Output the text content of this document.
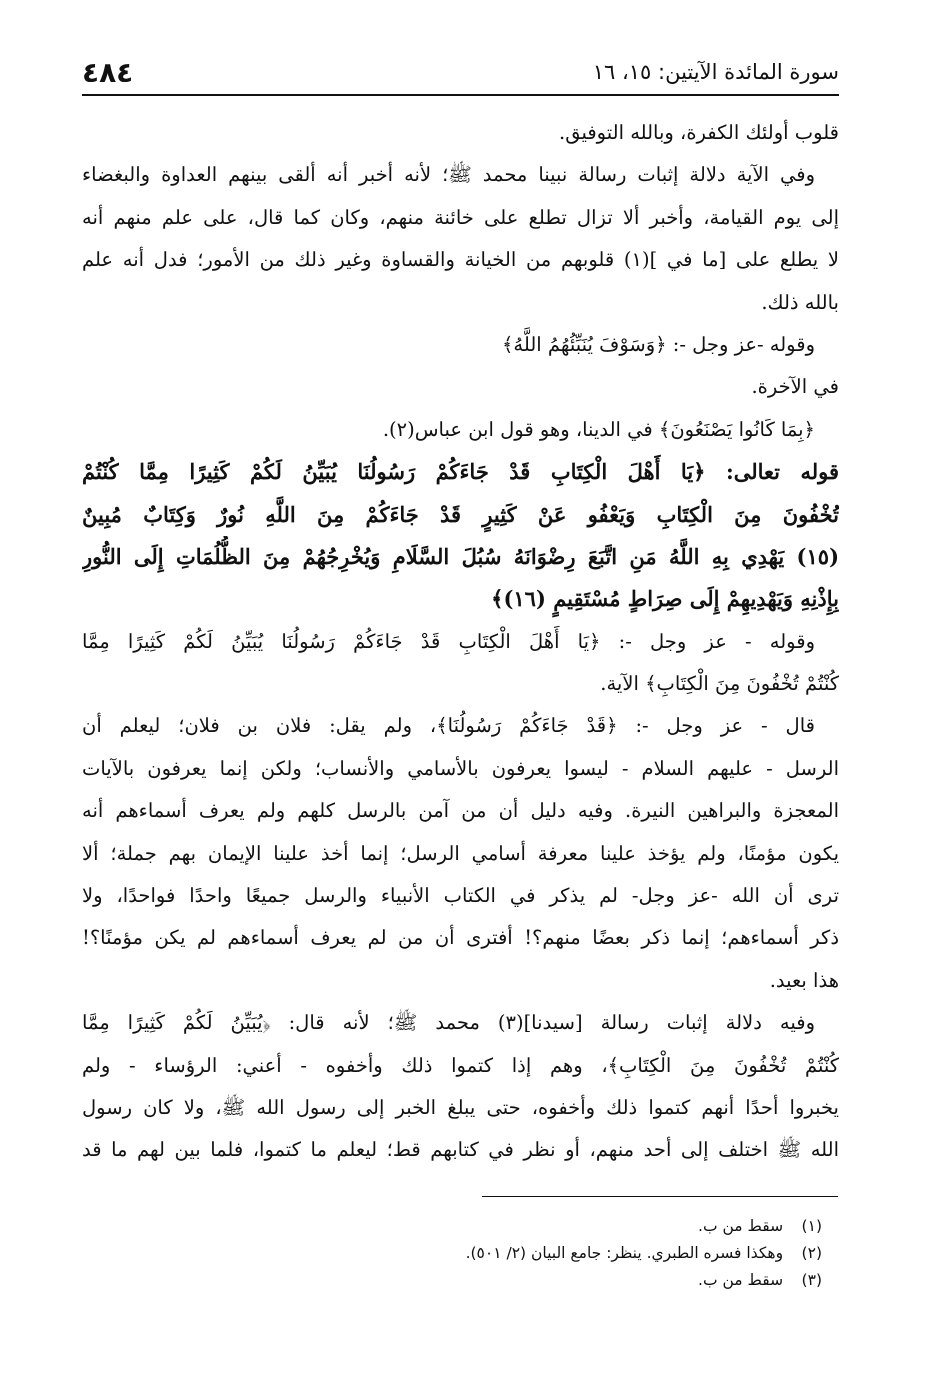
سورة المائدة الآيتين: ١٥، ١٦
٤٨٤
قلوب أولئك الكفرة، وبالله التوفيق.
وفي الآية دلالة إثبات رسالة نبينا محمد ﷺ؛ لأنه أخبر أنه ألقى بينهم العداوة والبغضاء
إلى يوم القيامة، وأخبر ألا تزال تطلع على خائنة منهم، وكان كما قال، على علم منهم أنه
لا يطلع على [ما في ](١) قلوبهم من الخيانة والقساوة وغير ذلك من الأمور؛ فدل أنه علم
بالله ذلك.
وقوله -عز وجل -: ﴿وَسَوْفَ يُنَبِّئُهُمُ اللَّهُ﴾
في الآخرة.
﴿بِمَا كَانُوا يَصْنَعُونَ﴾ في الدينا، وهو قول ابن عباس(٢).
قوله تعالى: ﴿يَا أَهْلَ الْكِتَابِ قَدْ جَاءَكُمْ رَسُولُنَا يُبَيِّنُ لَكُمْ كَثِيرًا مِمَّا كُنْتُمْ
تُخْفُونَ مِنَ الْكِتَابِ وَيَعْفُو عَنْ كَثِيرٍ قَدْ جَاءَكُمْ مِنَ اللَّهِ نُورٌ وَكِتَابٌ مُبِينٌ
(١٥) يَهْدِي بِهِ اللَّهُ مَنِ اتَّبَعَ رِضْوَانَهُ سُبُلَ السَّلَامِ وَيُخْرِجُهُمْ مِنَ الظُّلُمَاتِ إِلَى النُّورِ
بِإِذْنِهِ وَيَهْدِيهِمْ إِلَى صِرَاطٍ مُسْتَقِيمٍ (١٦)﴾
وقوله - عز وجل -: ﴿يَا أَهْلَ الْكِتَابِ قَدْ جَاءَكُمْ رَسُولُنَا يُبَيِّنُ لَكُمْ كَثِيرًا مِمَّا
كُنْتُمْ تُخْفُونَ مِنَ الْكِتَابِ﴾ الآية.
قال - عز وجل -: ﴿قَدْ جَاءَكُمْ رَسُولُنَا﴾، ولم يقل: فلان بن فلان؛ ليعلم أن
الرسل - عليهم السلام - ليسوا يعرفون بالأسامي والأنساب؛ ولكن إنما يعرفون بالآيات
المعجزة والبراهين النيرة. وفيه دليل أن من آمن بالرسل كلهم ولم يعرف أسماءهم أنه
يكون مؤمنًا، ولم يؤخذ علينا معرفة أسامي الرسل؛ إنما أخذ علينا الإيمان بهم جملة؛ ألا
ترى أن الله -عز وجل- لم يذكر في الكتاب الأنبياء والرسل جميعًا واحدًا فواحدًا، ولا
ذكر أسماءهم؛ إنما ذكر بعضًا منهم؟! أفترى أن من لم يعرف أسماءهم لم يكن مؤمنًا؟!
هذا بعيد.
وفيه دلالة إثبات رسالة [سيدنا](٣) محمد ﷺ؛ لأنه قال: ﴿يُبَيِّنُ لَكُمْ كَثِيرًا مِمَّا
كُنْتُمْ تُخْفُونَ مِنَ الْكِتَابِ﴾، وهم إذا كتموا ذلك وأخفوه - أعني: الرؤساء - ولم
يخبروا أحدًا أنهم كتموا ذلك وأخفوه، حتى يبلغ الخبر إلى رسول الله ﷺ، ولا كان رسول
الله ﷺ اختلف إلى أحد منهم، أو نظر في كتابهم قط؛ ليعلم ما كتموا، فلما بين لهم ما قد
(١) سقط من ب.
(٢) وهكذا فسره الطبري. ينظر: جامع البيان (٢/ ٥٠١).
(٣) سقط من ب.
